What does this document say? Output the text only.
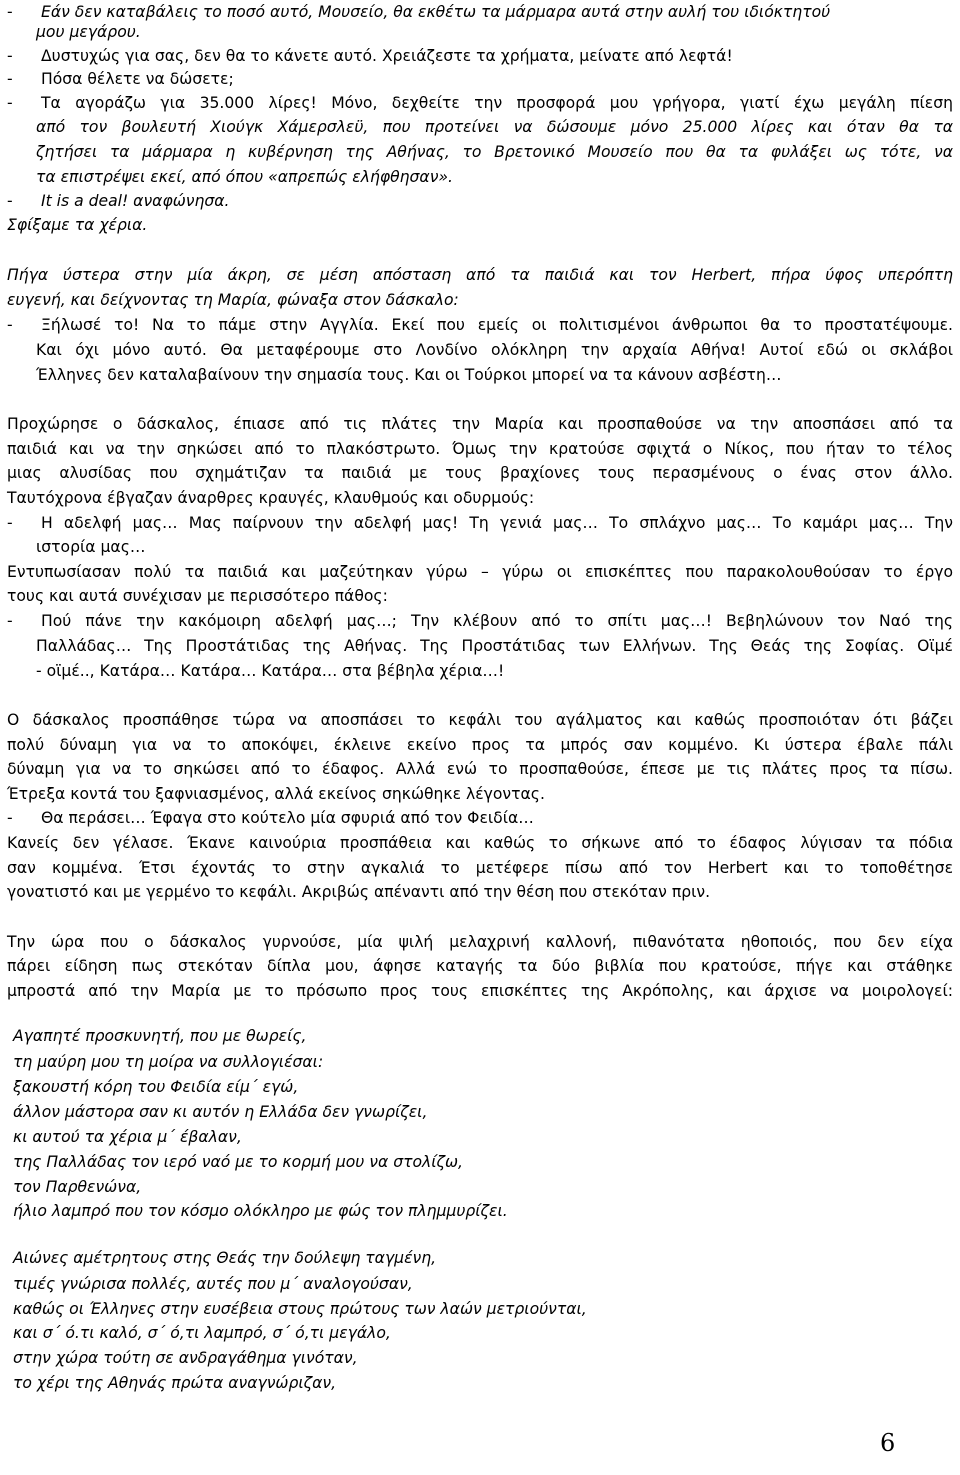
-	Εάν δεν καταβάλεις το ποσό αυτό, Μουσείο, θα εκθέτω τα μάρμαρα αυτά στην αυλή του ιδιόκτητού
μου μεγάρου.
-	Δυστυχώς για σας, δεν θα το κάνετε αυτό. Χρειάζεστε τα χρήματα, μείνατε από λεφτά!
-	Πόσα θέλετε να δώσετε;
- Τα αγοράζω για 35.000 λίρες! Μόνο, δεχθείτε την προσφορά μου γρήγορα, γιατί έχω μεγάλη πίεση
από τον βουλευτή Χιούγκ Χάμερσλεϋ, που προτείνει να δώσουμε μόνο 25.000 λίρες και όταν θα τα
ζητήσει τα μάρμαρα η κυβέρνηση της Αθήνας, το Βρετονικό Μουσείο που θα τα φυλάξει ως τότε, να
τα επιστρέψει εκεί, από όπου «απρεπώς ελήφθησαν».
-	It is a deal! αναφώνησα.
Σφίξαμε τα χέρια.
Πήγα ύστερα στην μία άκρη, σε μέση απόσταση από τα παιδιά και τον Herbert, πήρα ύφος υπερόπτη
ευγενή, και δείχνοντας τη Μαρία, φώναξα στον δάσκαλο:
- Ξήλωσέ το! Να το πάμε στην Αγγλία. Εκεί που εμείς οι πολιτισμένοι άνθρωποι θα το προστατέψουμε.
Και όχι μόνο αυτό. Θα μεταφέρουμε στο Λονδίνο ολόκληρη την αρχαία Αθήνα! Αυτοί εδώ οι σκλάβοι
Έλληνες δεν καταλαβαίνουν την σημασία τους. Και οι Τούρκοι μπορεί να τα κάνουν ασβέστη…
Προχώρησε ο δάσκαλος, έπιασε από τις πλάτες την Μαρία και προσπαθούσε να την αποσπάσει από τα
παιδιά και να την σηκώσει από το πλακόστρωτο. Όμως την κρατούσε σφιχτά ο Νίκος, που ήταν το τέλος
μιας αλυσίδας που σχημάτιζαν τα παιδιά με τους βραχίονες τους περασμένους ο ένας στον άλλο.
Ταυτόχρονα έβγαζαν άναρθρες κραυγές, κλαυθμούς και οδυρμούς:
- Η αδελφή μας… Μας παίρνουν την αδελφή μας! Τη γενιά μας… Το σπλάχνο μας… Το καμάρι μας… Την
ιστορία μας…
Εντυπωσίασαν πολύ τα παιδιά και μαζεύτηκαν γύρω – γύρω οι επισκέπτες που παρακολουθούσαν το έργο
τους και αυτά συνέχισαν με περισσότερο πάθος:
- Πού πάνε την κακόμοιρη αδελφή μας…; Την κλέβουν από το σπίτι μας…! Βεβηλώνουν τον Ναό της
Παλλάδας… Της Προστάτιδας της Αθήνας. Της Προστάτιδας των Ελλήνων. Της Θεάς της Σοφίας. Οϊμέ
- οϊμέ.., Κατάρα… Κατάρα… Κατάρα… στα βέβηλα χέρια…!
Ο δάσκαλος προσπάθησε τώρα να αποσπάσει το κεφάλι του αγάλματος και καθώς προσποιόταν ότι βάζει
πολύ δύναμη για να το αποκόψει, έκλεινε εκείνο προς τα μπρός σαν κομμένο. Κι ύστερα έβαλε πάλι
δύναμη για να το σηκώσει από το έδαφος. Αλλά ενώ το προσπαθούσε, έπεσε με τις πλάτες προς τα πίσω.
Έτρεξα κοντά του ξαφνιασμένος, αλλά εκείνος σηκώθηκε λέγοντας.
-	Θα περάσει… Έφαγα στο κούτελο μία σφυριά από τον Φειδία…
Κανείς δεν γέλασε. Έκανε καινούρια προσπάθεια και καθώς το σήκωνε από το έδαφος λύγισαν τα πόδια
σαν κομμένα. Έτσι έχοντάς το στην αγκαλιά το μετέφερε πίσω από τον Herbert και το τοποθέτησε
γονατιστό και με γερμένο το κεφάλι. Ακριβώς απέναντι από την θέση που στεκόταν πριν.
Την ώρα που ο δάσκαλος γυρνούσε, μία ψιλή μελαχρινή καλλονή, πιθανότατα ηθοποιός, που δεν είχα
πάρει είδηση πως στεκόταν δίπλα μου, άφησε καταγής τα δύο βιβλία που κρατούσε, πήγε και στάθηκε
μπροστά από την Μαρία με το πρόσωπο προς τους επισκέπτες της Ακρόπολης, και άρχισε να μοιρολογεί:
Αγαπητέ προσκυνητή, που με θωρείς,
τη μαύρη μου τη μοίρα να συλλογιέσαι:
ξακουστή κόρη του Φειδία είμ΄ εγώ,
άλλον μάστορα σαν κι αυτόν η Ελλάδα δεν γνωρίζει,
κι αυτού τα χέρια μ΄ έβαλαν,
της Παλλάδας τον ιερό ναό με το κορμή μου να στολίζω,
τον Παρθενώνα,
ήλιο λαμπρό που τον κόσμο ολόκληρο με φώς τον πλημμυρίζει.
Αιώνες αμέτρητους στης Θεάς την δούλεψη ταγμένη,
τιμές γνώρισα πολλές, αυτές που μ΄ αναλογούσαν,
καθώς οι Έλληνες στην ευσέβεια στους πρώτους των λαών μετριούνται,
και σ΄ ό.τι καλό, σ΄ ό,τι λαμπρό, σ΄ ό,τι μεγάλο,
στην χώρα τούτη σε ανδραγάθημα γινόταν,
το χέρι της Αθηνάς πρώτα αναγνώριζαν,
6
